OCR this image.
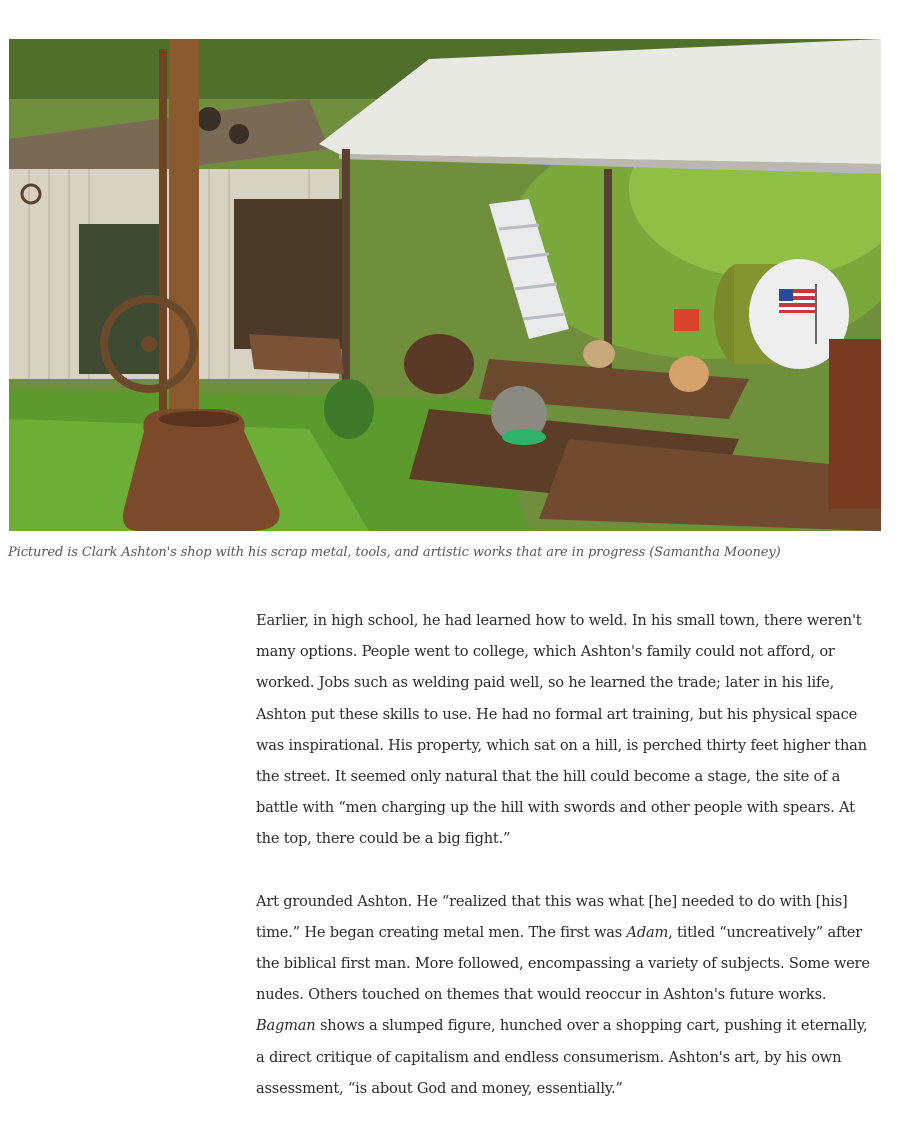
Pictured is Clark Ashton's shop with his scrap metal, tools, and artistic works that are in progress (Samantha Mooney)

Earlier, in high school, he had learned how to weld. In his small town, there weren't many options. People went to college, which Ashton's family could not afford, or worked. Jobs such as welding paid well, so he learned the trade; later in his life, Ashton put these skills to use. He had no formal art training, but his physical space was inspirational. His property, which sat on a hill, is perched thirty feet higher than the street. It seemed only natural that the hill could become a stage, the site of a battle with “men charging up the hill with swords and other people with spears. At the top, there could be a big fight.”

Art grounded Ashton. He “realized that this was what [he] needed to do with [his] time.” He began creating metal men. The first was Adam, titled “uncreatively” after the biblical first man. More followed, encompassing a variety of subjects. Some were nudes. Others touched on themes that would reoccur in Ashton's future works. Bagman shows a slumped figure, hunched over a shopping cart, pushing it eternally, a direct critique of capitalism and endless consumerism. Ashton's art, by his own assessment, “is about God and money, essentially.”
